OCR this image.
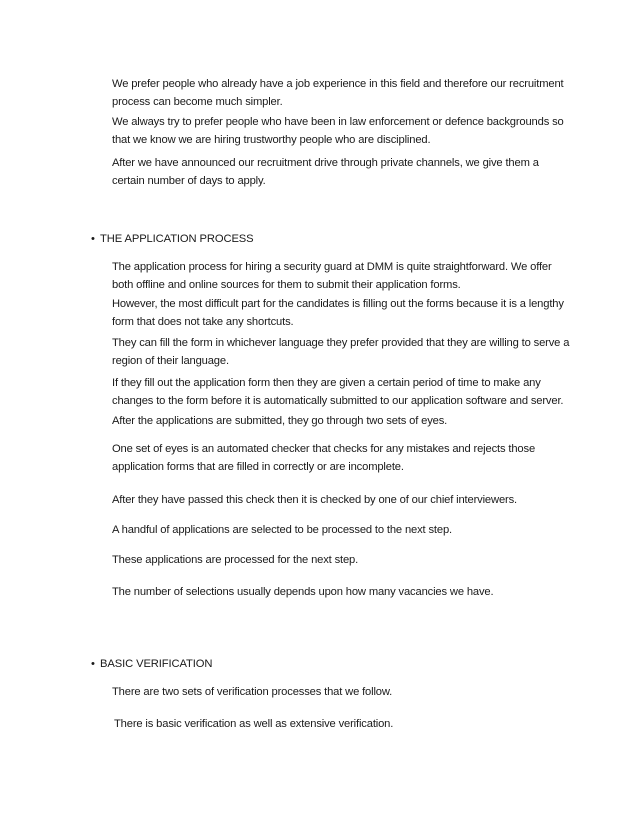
We prefer people who already have a job experience in this field and therefore our recruitment process can become much simpler.

We always try to prefer people who have been in law enforcement or defence backgrounds so that we know we are hiring trustworthy people who are disciplined.

After we have announced our recruitment drive through private channels, we give them a certain number of days to apply.

• THE APPLICATION PROCESS

The application process for hiring a security guard at DMM is quite straightforward. We offer both offline and online sources for them to submit their application forms.

However, the most difficult part for the candidates is filling out the forms because it is a lengthy form that does not take any shortcuts.

They can fill the form in whichever language they prefer provided that they are willing to serve a region of their language.

If they fill out the application form then they are given a certain period of time to make any changes to the form before it is automatically submitted to our application software and server.

After the applications are submitted, they go through two sets of eyes.

One set of eyes is an automated checker that checks for any mistakes and rejects those application forms that are filled in correctly or are incomplete.

After they have passed this check then it is checked by one of our chief interviewers.

A handful of applications are selected to be processed to the next step.

These applications are processed for the next step.

The number of selections usually depends upon how many vacancies we have.

• BASIC VERIFICATION

There are two sets of verification processes that we follow.

There is basic verification as well as extensive verification.
